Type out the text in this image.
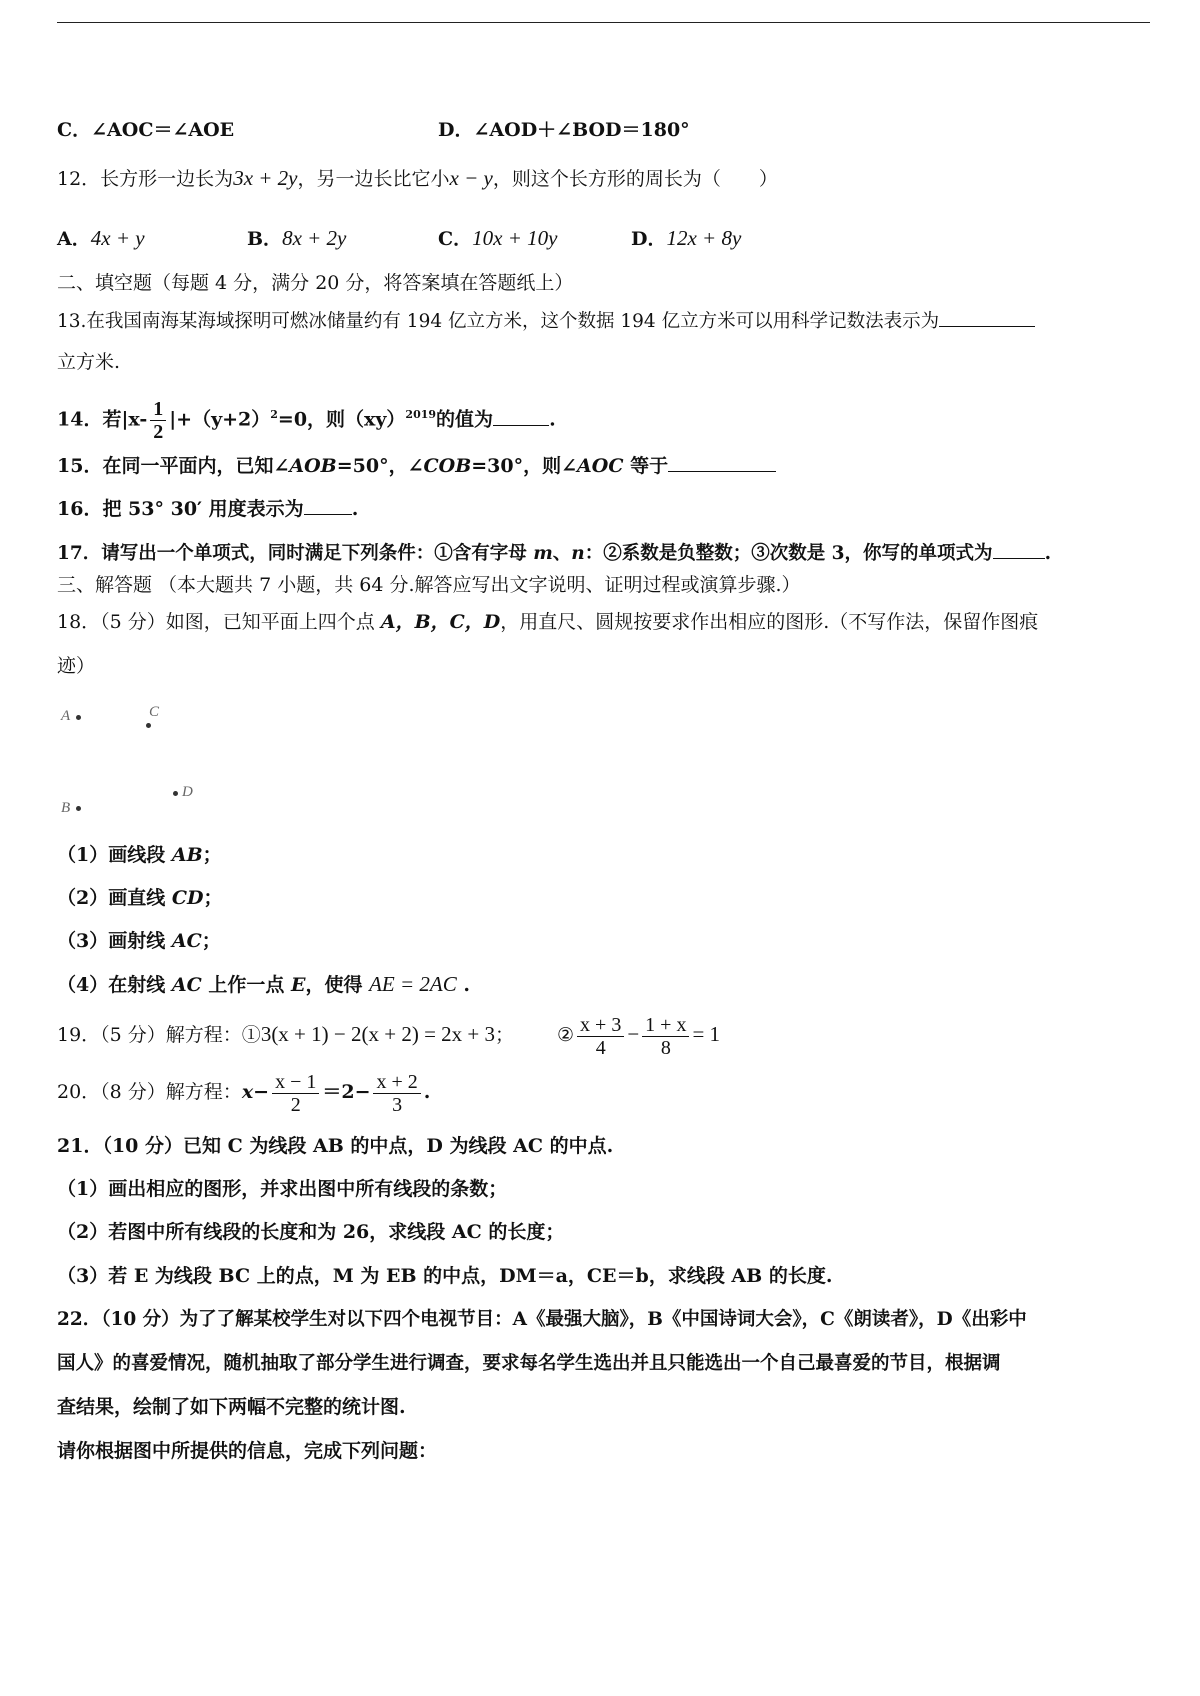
C．∠AOC＝∠AOE	D．∠AOD＋∠BOD＝180°
12．长方形一边长为3x + 2y，另一边长比它小x − y，则这个长方形的周长为（　　）
A．4x + y	B．8x + 2y	C．10x + 10y	D．12x + 8y
二、填空题（每题 4 分，满分 20 分，将答案填在答题纸上）
13.在我国南海某海域探明可燃冰储量约有 194 亿立方米，这个数据 194 亿立方米可以用科学记数法表示为
立方米.
14．若$|x- \frac{1}{2} |+(y+2)^2=0$，则（xy）$^{2019}$的值为	.
15．在同一平面内，已知∠AOB=50°，∠COB=30°，则∠AOC 等于
16．把 53° 30′ 用度表示为	.
17．请写出一个单项式，同时满足下列条件：①含有字母 m、n：②系数是负整数；③次数是 3，你写的单项式为	.
三、解答题 （本大题共 7 小题，共 64 分.解答应写出文字说明、证明过程或演算步骤.）
18．（5 分）如图，已知平面上四个点 A，B，C，D，用直尺、圆规按要求作出相应的图形.（不写作法，保留作图痕
迹）
A	C
D
B
（1）画线段 AB；
（2）画直线 CD；
（3）画射线 AC；
（4）在射线 AC 上作一点 E，使得 AE = 2AC .
19．（5 分）解方程：①3(x + 1) − 2(x + 2) = 2x + 3； ② $\frac{x + 3}{4} - \frac{1 + x}{8} = 1$
20．（8 分）解方程：$x- \frac{x - 1}{2} =2- \frac{x + 2}{3}$ .
21．（10 分）已知 C 为线段 AB 的中点，D 为线段 AC 的中点.
（1）画出相应的图形，并求出图中所有线段的条数；
（2）若图中所有线段的长度和为 26，求线段 AC 的长度；
（3）若 E 为线段 BC 上的点，M 为 EB 的中点，DM＝a，CE＝b，求线段 AB 的长度.
22．（10 分）为了了解某校学生对以下四个电视节目：A《最强大脑》，B《中国诗词大会》，C《朗读者》，D《出彩中
国人》的喜爱情况，随机抽取了部分学生进行调查，要求每名学生选出并且只能选出一个自己最喜爱的节目，根据调
查结果，绘制了如下两幅不完整的统计图.
请你根据图中所提供的信息，完成下列问题：
